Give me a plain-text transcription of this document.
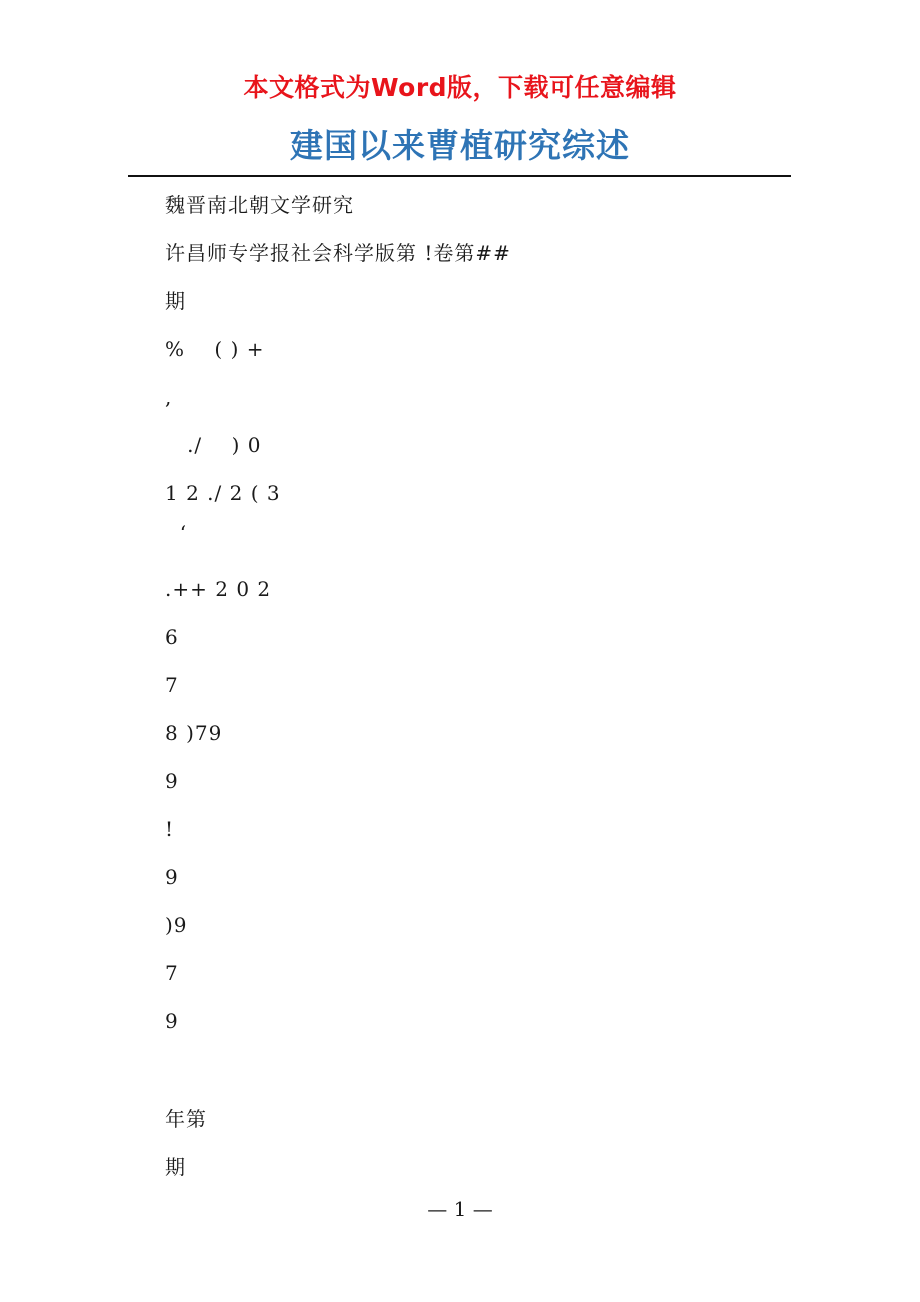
本文格式为Word版，下载可任意编辑
建国以来曹植研究综述
魏晋南北朝文学研究
许昌师专学报社会科学版第 !卷第##
期
%    ( ) +
,
./    ) 0
1 2 ./ 2 ( 3
‘
.++ 2 0 2
6
7
8 )79
9
!
9
)9
7
9
年第
期
— 1 —
